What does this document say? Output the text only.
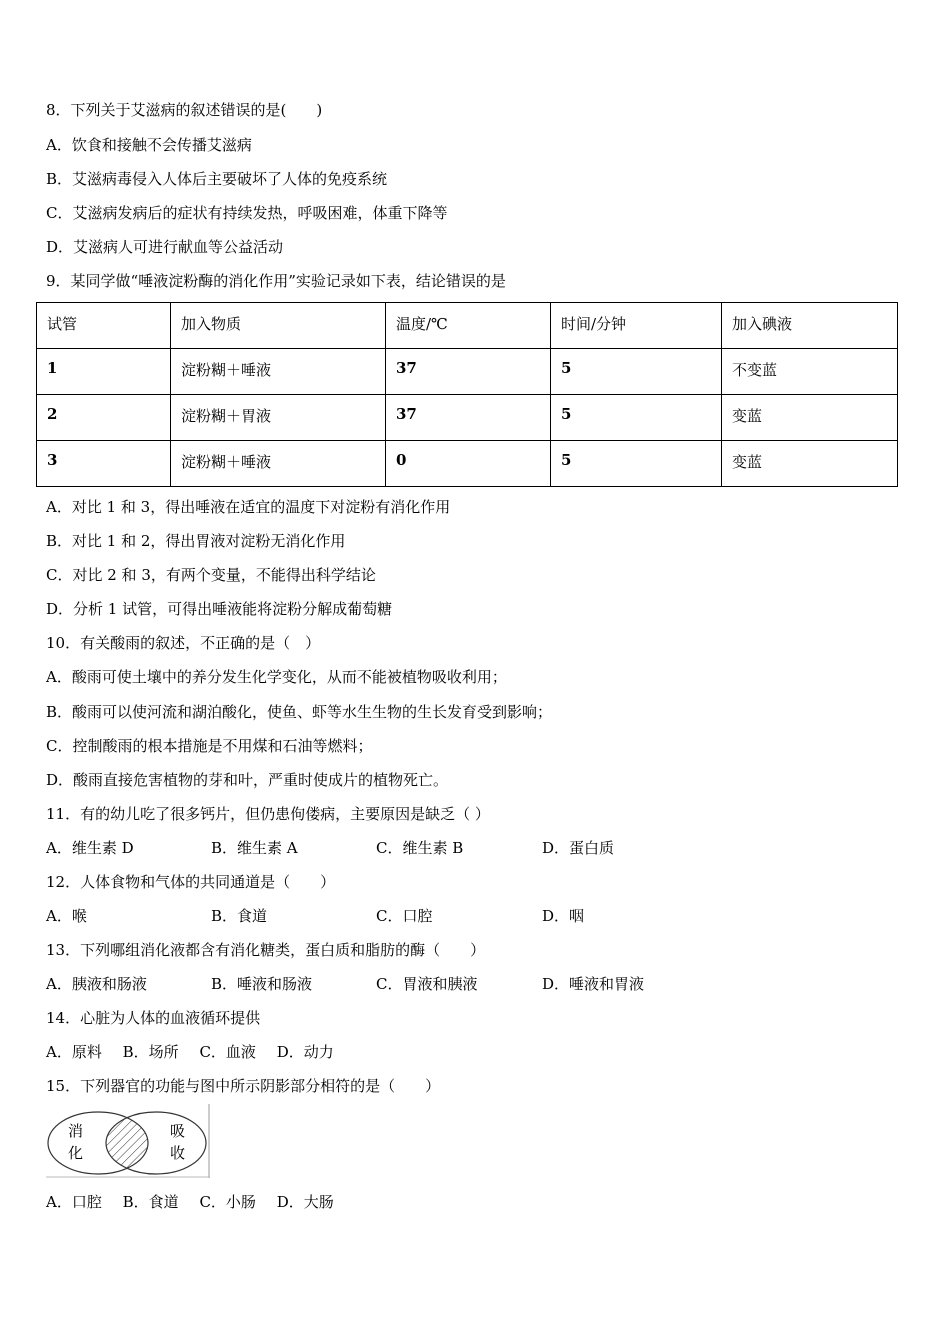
8．下列关于艾滋病的叙述错误的是(　　)
A．饮食和接触不会传播艾滋病
B．艾滋病毒侵入人体后主要破坏了人体的免疫系统
C．艾滋病发病后的症状有持续发热，呼吸困难，体重下降等
D．艾滋病人可进行献血等公益活动
9．某同学做“唾液淀粉酶的消化作用”实验记录如下表，结论错误的是
试管	加入物质	温度/℃	时间/分钟	加入碘液
1	淀粉糊＋唾液	37	5	不变蓝
2	淀粉糊＋胃液	37	5	变蓝
3	淀粉糊＋唾液	0	5	变蓝
A．对比 1 和 3，得出唾液在适宜的温度下对淀粉有消化作用
B．对比 1 和 2，得出胃液对淀粉无消化作用
C．对比 2 和 3，有两个变量，不能得出科学结论
D．分析 1 试管，可得出唾液能将淀粉分解成葡萄糖
10．有关酸雨的叙述，不正确的是（　）
A．酸雨可使土壤中的养分发生化学变化，从而不能被植物吸收利用；
B．酸雨可以使河流和湖泊酸化，使鱼、虾等水生生物的生长发育受到影响；
C．控制酸雨的根本措施是不用煤和石油等燃料；
D．酸雨直接危害植物的芽和叶，严重时使成片的植物死亡。
11．有的幼儿吃了很多钙片，但仍患佝偻病，主要原因是缺乏（ ）
A．维生素 D	B．维生素 A	C．维生素 B	D．蛋白质
12．人体食物和气体的共同通道是（　　）
A．喉	B．食道	C．口腔	D．咽
13．下列哪组消化液都含有消化糖类，蛋白质和脂肪的酶（　　）
A．胰液和肠液	B．唾液和肠液	C．胃液和胰液	D．唾液和胃液
14．心脏为人体的血液循环提供
A．原料 B．场所 C．血液 D．动力
15．下列器官的功能与图中所示阴影部分相符的是（　　）
消
化
吸
收
A．口腔 B．食道 C．小肠 D．大肠
